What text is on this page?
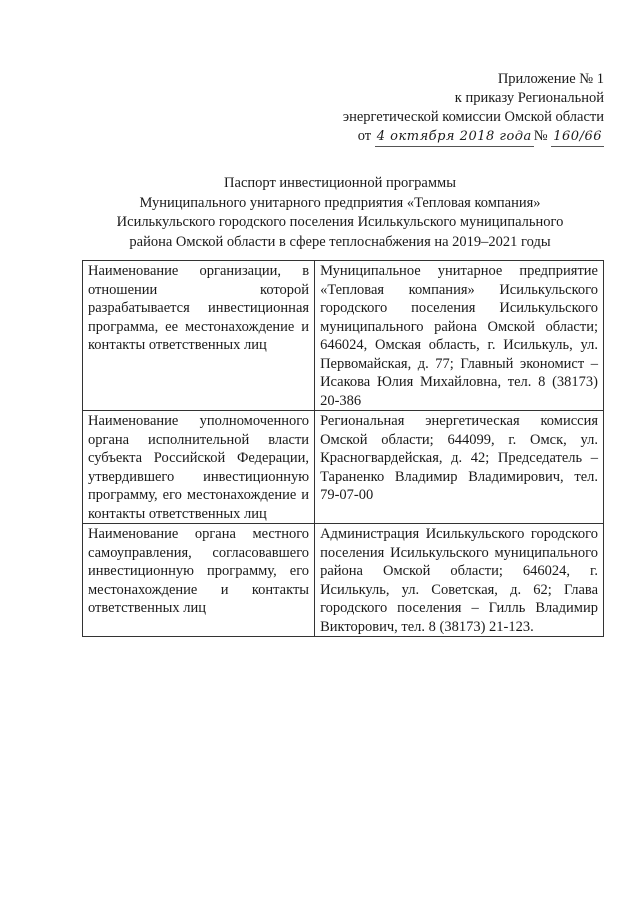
Приложение № 1
к приказу Региональной
энергетической комиссии Омской области
от 4 октября 2018 года № 160/66
Паспорт инвестиционной программы
Муниципального унитарного предприятия «Тепловая компания»
Исилькульского городского поселения Исилькульского муниципального
района Омской области в сфере теплоснабжения на 2019–2021 годы
Наименование организации, в отношении которой разрабатывается инвестиционная программа, ее местонахождение и контакты ответственных лиц	Муниципальное унитарное предприятие «Тепловая компания» Исилькульского городского поселения Исилькульского муниципального района Омской области; 646024, Омская область, г. Исилькуль, ул. Первомайская, д. 77; Главный экономист – Исакова Юлия Михайловна, тел. 8 (38173) 20-386
Наименование уполномоченного органа исполнительной власти субъекта Российской Федерации, утвердившего инвестиционную программу, его местонахождение и контакты ответственных лиц	Региональная энергетическая комиссия Омской области; 644099, г. Омск, ул. Красногвардейская, д. 42; Председатель – Тараненко Владимир Владимирович, тел. 79-07-00
Наименование органа местного самоуправления, согласовавшего инвестиционную программу, его местонахождение и контакты ответственных лиц	Администрация Исилькульского городского поселения Исилькульского муниципального района Омской области; 646024, г. Исилькуль, ул. Советская, д. 62; Глава городского поселения – Гилль Владимир Викторович, тел. 8 (38173) 21-123.
